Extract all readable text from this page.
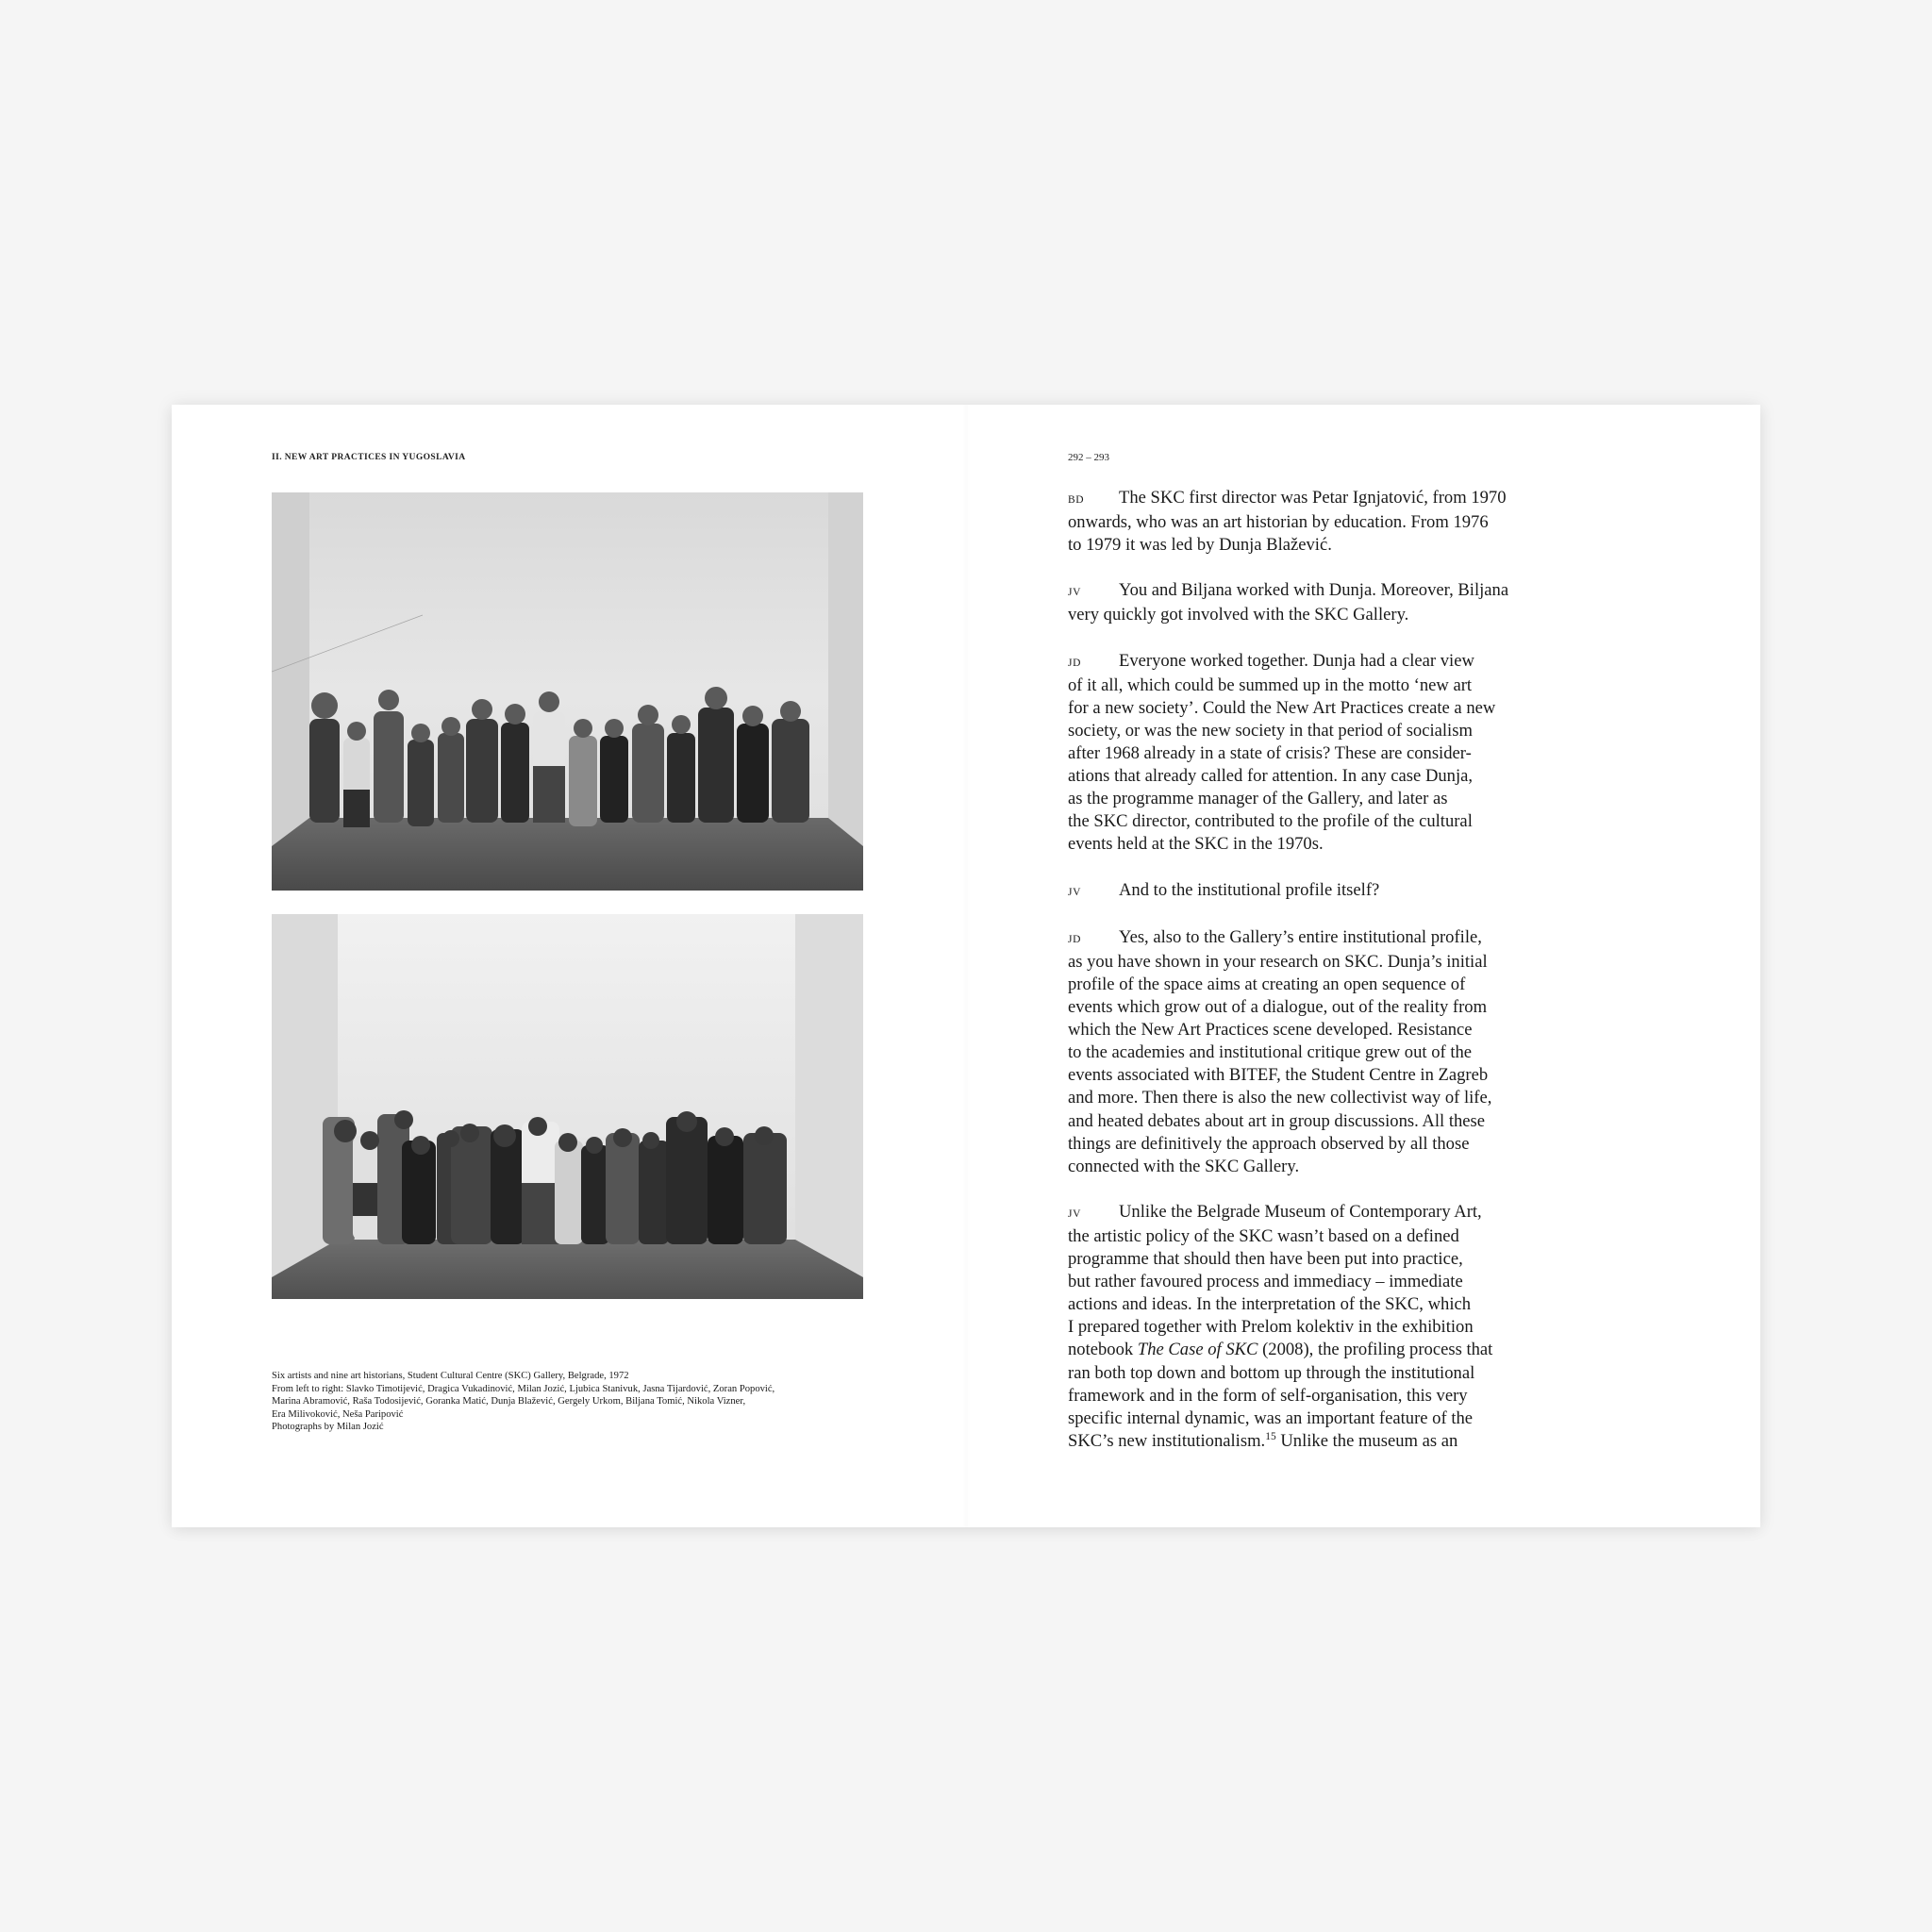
II. NEW ART PRACTICES IN YUGOSLAVIA
Six artists and nine art historians, Student Cultural Centre (SKC) Gallery, Belgrade, 1972
From left to right: Slavko Timotijević, Dragica Vukadinović, Milan Jozić, Ljubica Stanivuk, Jasna Tijardović, Zoran Popović,
Marina Abramović, Raša Todosijević, Goranka Matić, Dunja Blažević, Gergely Urkom, Biljana Tomić, Nikola Vizner,
Era Milivoković, Neša Paripović
Photographs by Milan Jozić
292 – 293
BD The SKC first director was Petar Ignjatović, from 1970
onwards, who was an art historian by education. From 1976
to 1979 it was led by Dunja Blažević.
JV You and Biljana worked with Dunja. Moreover, Biljana
very quickly got involved with the SKC Gallery.
JD Everyone worked together. Dunja had a clear view
of it all, which could be summed up in the motto ‘new art
for a new society’. Could the New Art Practices create a new
society, or was the new society in that period of socialism
after 1968 already in a state of crisis? These are consider-
ations that already called for attention. In any case Dunja,
as the programme manager of the Gallery, and later as
the SKC director, contributed to the profile of the cultural
events held at the SKC in the 1970s.
JV And to the institutional profile itself?
JD Yes, also to the Gallery’s entire institutional profile,
as you have shown in your research on SKC. Dunja’s initial
profile of the space aims at creating an open sequence of
events which grow out of a dialogue, out of the reality from
which the New Art Practices scene developed. Resistance
to the academies and institutional critique grew out of the
events associated with BITEF, the Student Centre in Zagreb
and more. Then there is also the new collectivist way of life,
and heated debates about art in group discussions. All these
things are definitively the approach observed by all those
connected with the SKC Gallery.
JV Unlike the Belgrade Museum of Contemporary Art,
the artistic policy of the SKC wasn’t based on a defined
programme that should then have been put into practice,
but rather favoured process and immediacy – immediate
actions and ideas. In the interpretation of the SKC, which
I prepared together with Prelom kolektiv in the exhibition
notebook The Case of SKC (2008), the profiling process that
ran both top down and bottom up through the institutional
framework and in the form of self-organisation, this very
specific internal dynamic, was an important feature of the
SKC’s new institutionalism.$^{15}$ Unlike the museum as an
